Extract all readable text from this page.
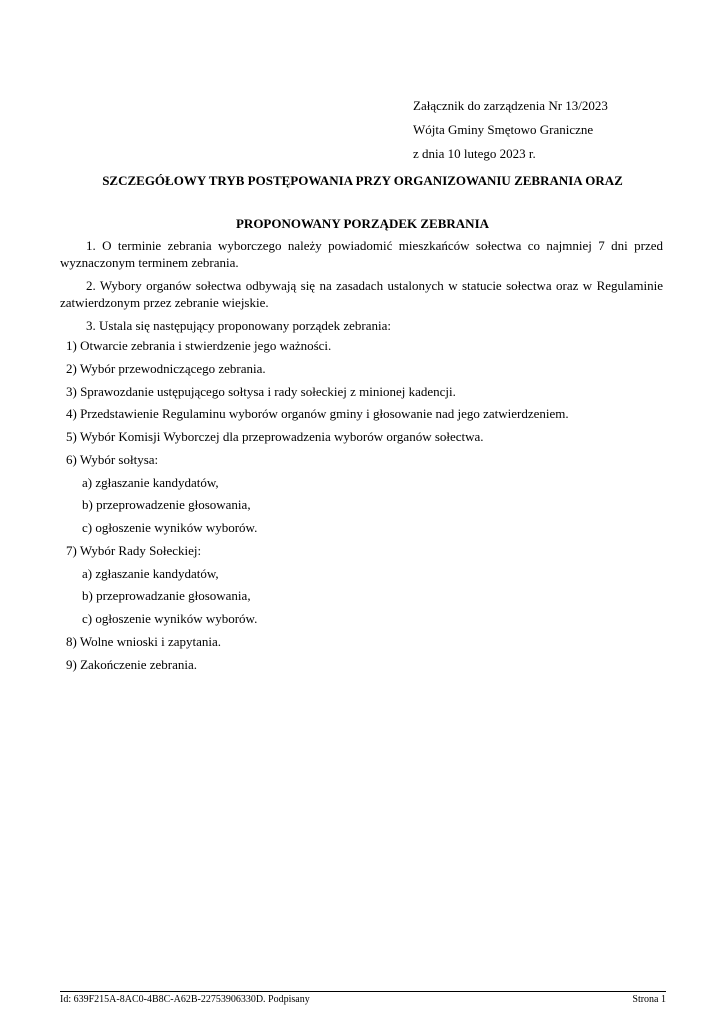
Załącznik do zarządzenia Nr 13/2023
Wójta Gminy Smętowo Graniczne
z dnia 10 lutego 2023 r.
SZCZEGÓŁOWY TRYB POSTĘPOWANIA PRZY ORGANIZOWANIU ZEBRANIA ORAZ
PROPONOWANY PORZĄDEK ZEBRANIA
1. O terminie zebrania wyborczego należy powiadomić mieszkańców sołectwa co najmniej 7 dni przed wyznaczonym terminem zebrania.
2. Wybory organów sołectwa odbywają się na zasadach ustalonych w statucie sołectwa oraz w Regulaminie zatwierdzonym przez zebranie wiejskie.
3. Ustala się następujący proponowany porządek zebrania:
1) Otwarcie zebrania i stwierdzenie jego ważności.
2) Wybór przewodniczącego zebrania.
3) Sprawozdanie ustępującego sołtysa i rady sołeckiej z minionej kadencji.
4) Przedstawienie Regulaminu wyborów organów gminy i głosowanie nad jego zatwierdzeniem.
5) Wybór Komisji Wyborczej dla przeprowadzenia wyborów organów sołectwa.
6) Wybór sołtysa:
a) zgłaszanie kandydatów,
b) przeprowadzenie głosowania,
c) ogłoszenie wyników wyborów.
7) Wybór Rady Sołeckiej:
a) zgłaszanie kandydatów,
b) przeprowadzanie głosowania,
c) ogłoszenie wyników wyborów.
8) Wolne wnioski i zapytania.
9) Zakończenie zebrania.
Id: 639F215A-8AC0-4B8C-A62B-22753906330D. Podpisany	Strona 1
